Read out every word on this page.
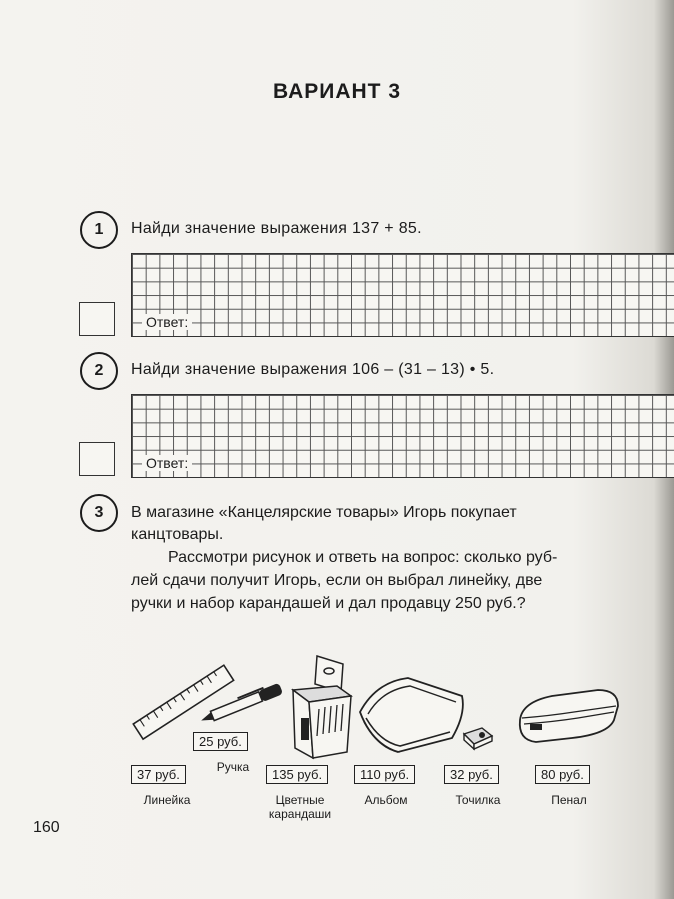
ВАРИАНТ 3
1	Найди значение выражения 137 + 85.
Ответ:
2	Найди значение выражения 106 – (31 – 13) • 5.
Ответ:
3	В магазине «Канцелярские товары» Игорь покупает
канцтовары.
Рассмотри рисунок и ответь на вопрос: сколько руб-
лей сдачи получит Игорь, если он выбрал линейку, две
ручки и набор карандашей и дал продавцу 250 руб.?
37 руб.
Линейка
25 руб.
Ручка	135 руб.
Цветные карандаши
110 руб.
Альбом
32 руб.
Точилка
80 руб.
Пенал
160
